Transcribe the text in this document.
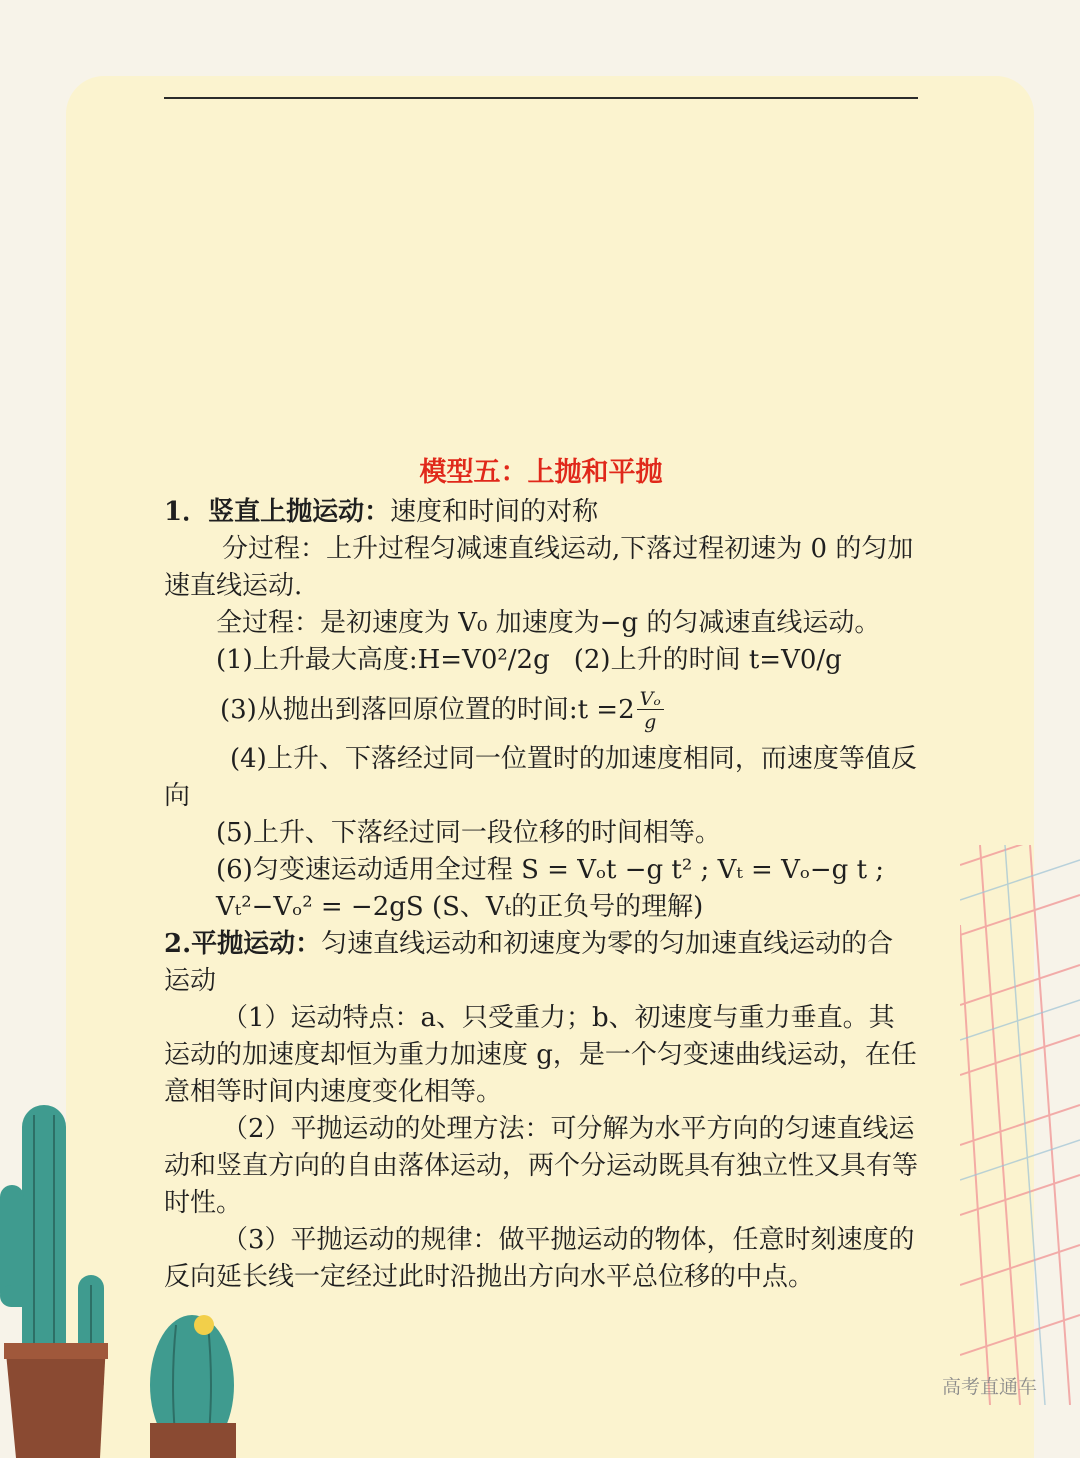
模型五：上抛和平抛

1．竖直上抛运动：速度和时间的对称

分过程：上升过程匀减速直线运动,下落过程初速为 0 的匀加速直线运动.

全过程：是初速度为 V₀ 加速度为−g 的匀减速直线运动。

(1)上升最大高度:H=V0²/2g (2)上升的时间 t=V0/g

(3)从抛出到落回原位置的时间:t $=2 \frac{\text{Vₒ}}{g}$

(4)上升、下落经过同一位置时的加速度相同，而速度等值反向

(5)上升、下落经过同一段位移的时间相等。

(6)匀变速运动适用全过程 S = Vₒt −g t² ; Vₜ = Vₒ−g t ;

Vₜ²−Vₒ² = −2gS (S、Vₜ的正负号的理解)

2.平抛运动：匀速直线运动和初速度为零的匀加速直线运动的合运动

（1）运动特点：a、只受重力；b、初速度与重力垂直。其运动的加速度却恒为重力加速度 g，是一个匀变速曲线运动，在任意相等时间内速度变化相等。

（2）平抛运动的处理方法：可分解为水平方向的匀速直线运动和竖直方向的自由落体运动，两个分运动既具有独立性又具有等时性。

（3）平抛运动的规律：做平抛运动的物体，任意时刻速度的反向延长线一定经过此时沿抛出方向水平总位移的中点。

高考直通车
